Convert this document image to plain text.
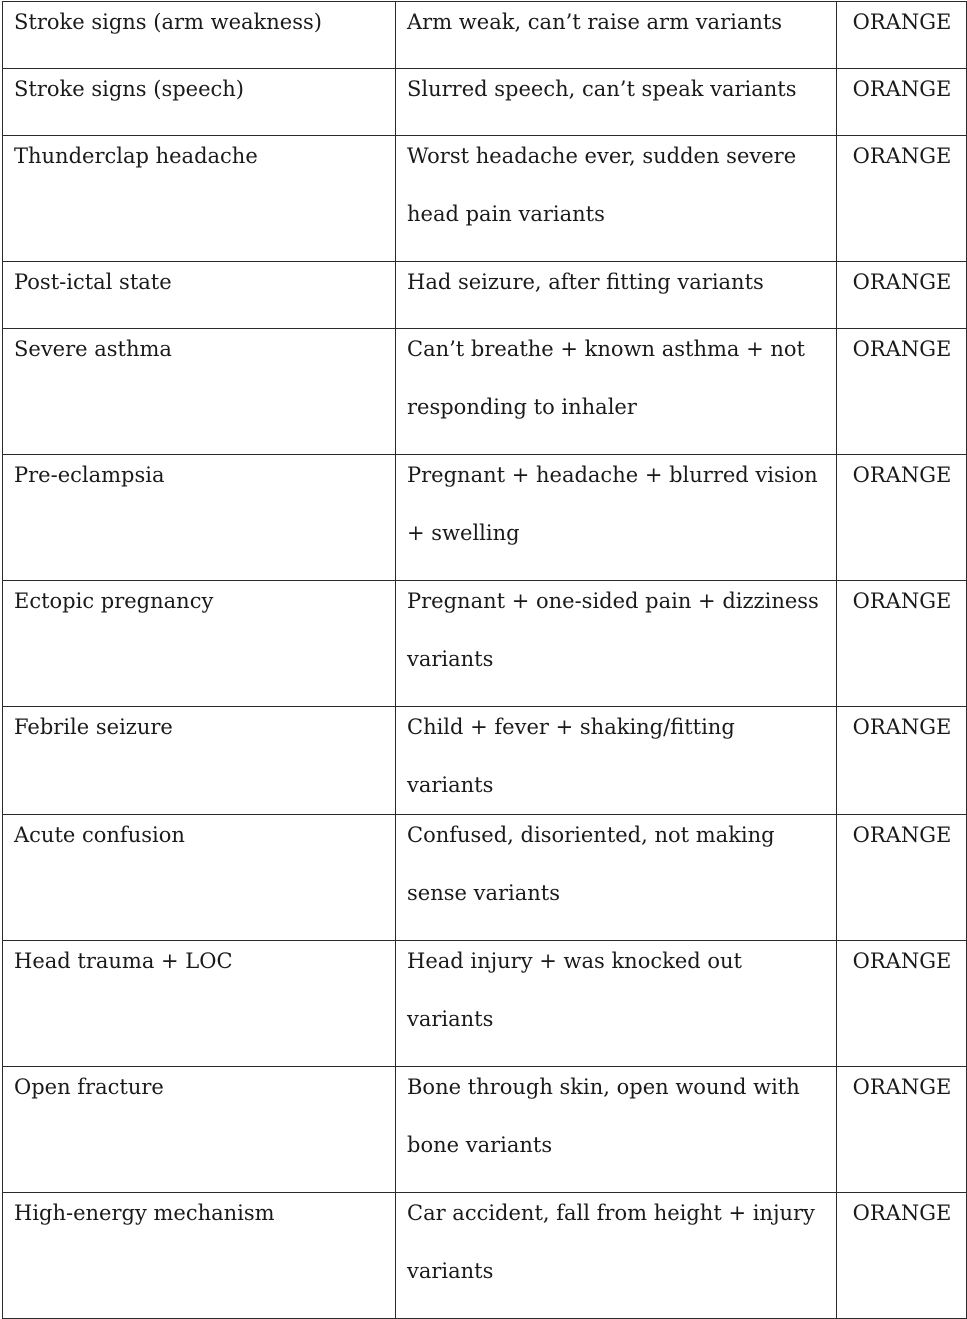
Stroke signs (arm weakness)	Arm weak, can’t raise arm variants	ORANGE

Stroke signs (speech)	Slurred speech, can’t speak variants	ORANGE

Thunderclap headache	Worst headache ever, sudden severe head pain variants	ORANGE

Post-ictal state	Had seizure, after fitting variants	ORANGE

Severe asthma	Can’t breathe + known asthma + not responding to inhaler	ORANGE

Pre-eclampsia	Pregnant + headache + blurred vision + swelling	ORANGE

Ectopic pregnancy	Pregnant + one-sided pain + dizziness variants	ORANGE

Febrile seizure	Child + fever + shaking/fitting variants	ORANGE

Acute confusion	Confused, disoriented, not making sense variants	ORANGE

Head trauma + LOC	Head injury + was knocked out variants	ORANGE

Open fracture	Bone through skin, open wound with bone variants	ORANGE

High-energy mechanism	Car accident, fall from height + injury variants	ORANGE
